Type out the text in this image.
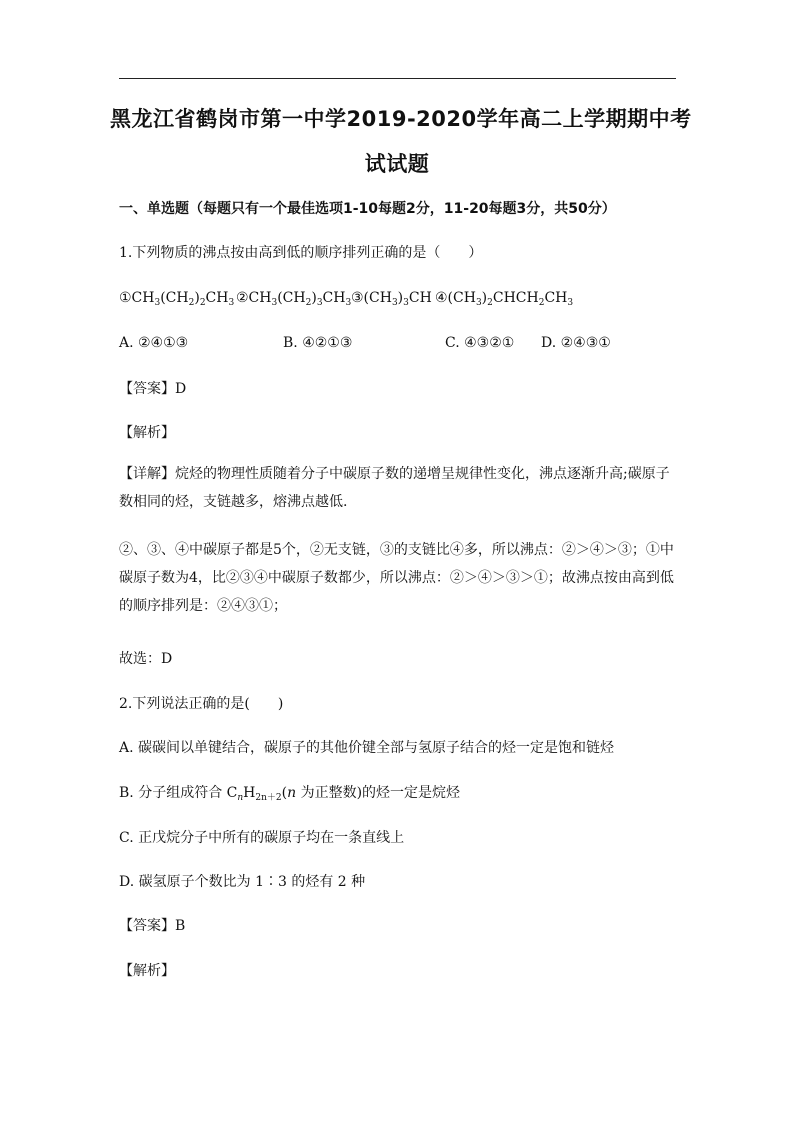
黑龙江省鹤岗市第一中学2019-2020学年高二上学期期中考
试试题
一、单选题（每题只有一个最佳选项1-10每题2分，11-20每题3分，共50分）
1.下列物质的沸点按由高到低的顺序排列正确的是（　　）
$①CH_3(CH_2)_2CH_3$ $②CH_3(CH_2)_3CH_3$ $③(CH_3)_3CH$ $④(CH_3)_2CHCH_2CH_3$
A. ②④①③	B. ④②①③	C. ④③②① D. ②④③①
【答案】D
【解析】
【详解】烷烃的物理性质随着分子中碳原子数的递增呈规律性变化，沸点逐渐升高;碳原子数相同的烃，支链越多，熔沸点越低.
②、③、④中碳原子都是5个，②无支链，③的支链比④多，所以沸点：②＞④＞③；①中碳原子数为4，比②③④中碳原子数都少，所以沸点：②＞④＞③＞①；故沸点按由高到低的顺序排列是：②④③①；
故选：D
2.下列说法正确的是(　　)
A. 碳碳间以单键结合，碳原子的其他价键全部与氢原子结合的烃一定是饱和链烃
B. 分子组成符合 $C_nH_{2n+2}(n$ 为正整数)的烃一定是烷烃
C. 正戊烷分子中所有的碳原子均在一条直线上
D. 碳氢原子个数比为 1∶3 的烃有 2 种
【答案】B
【解析】
